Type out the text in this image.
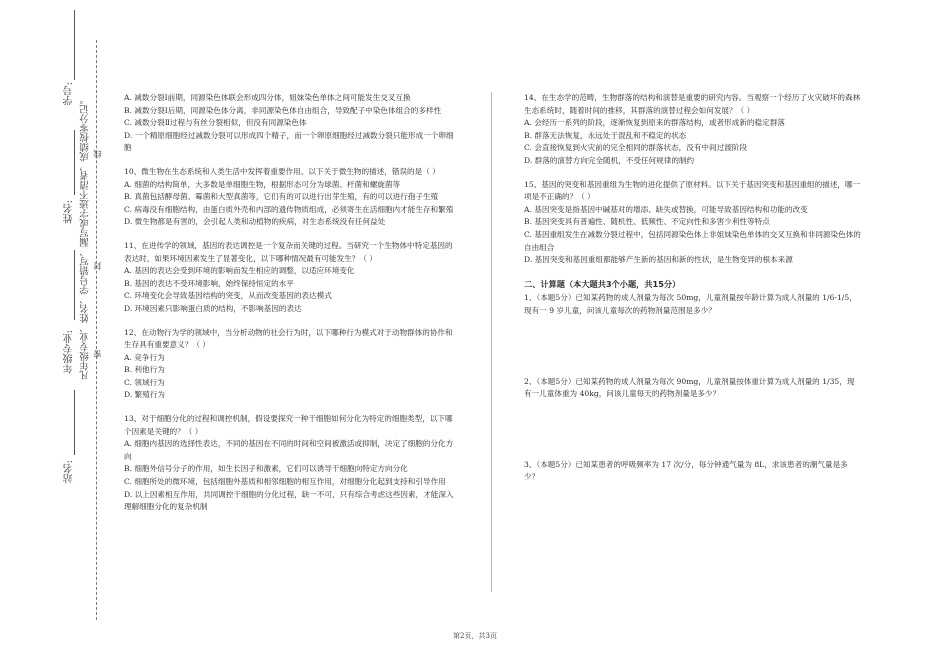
学号:
姓名:
年级专业:
站名:
凡年级专业、姓名、学号错写、漏写或字迹不清者，成绩按零分记。 线
封
密

A. 减数分裂Ⅰ前期，同源染色体联会形成四分体，姐妹染色单体之间可能发生交叉互换

B. 减数分裂Ⅰ后期，同源染色体分离，非同源染色体自由组合，导致配子中染色体组合的多样性

C. 减数分裂Ⅱ过程与有丝分裂相似，但没有同源染色体

D. 一个精原细胞经过减数分裂可以形成四个精子，而一个卵原细胞经过减数分裂只能形成一个卵细胞

10、微生物在生态系统和人类生活中发挥着重要作用。以下关于微生物的描述，错误的是（ ）

A. 细菌的结构简单，大多数是单细胞生物，根据形态可分为球菌、杆菌和螺旋菌等

B. 真菌包括酵母菌、霉菌和大型真菌等，它们有的可以进行出芽生殖，有的可以进行孢子生殖

C. 病毒没有细胞结构，由蛋白质外壳和内部的遗传物质组成，必须寄生在活细胞内才能生存和繁殖

D. 微生物都是有害的，会引起人类和动植物的疾病，对生态系统没有任何益处

11、在进传学的领域，基因的表达调控是一个复杂而关键的过程。当研究一个生物体中特定基因的表达时，如果环境因素发生了显著变化，以下哪种情况最有可能发生？（ ）

A. 基因的表达会受到环境的影响而发生相应的调整，以适应环境变化

B. 基因的表达不受环境影响，始终保持恒定的水平

C. 环境变化会导致基因结构的突变，从而改变基因的表达模式

D. 环境因素只影响蛋白质的结构，不影响基因的表达

12、在动物行为学的领域中，当分析动物的社会行为时，以下哪种行为模式对于动物群体的协作和生存具有重要意义？（ ）

A. 竞争行为

B. 利他行为

C. 领域行为

D. 繁殖行为

13、对于细胞分化的过程和调控机制，假设要探究一种干细胞如何分化为特定的细胞类型，以下哪个因素是关键的？（ ）

A. 细胞内基因的选择性表达，不同的基因在不同的时间和空间被激活或抑制，决定了细胞的分化方向

B. 细胞外信号分子的作用，如生长因子和激素，它们可以诱导干细胞向特定方向分化

C. 细胞所处的微环境，包括细胞外基质和相邻细胞的相互作用，对细胞分化起到支持和引导作用

D. 以上因素相互作用，共同调控干细胞的分化过程，缺一不可，只有综合考虑这些因素，才能深入理解细胞分化的复杂机制

14、在生态学的范畴，生物群落的结构和演替是重要的研究内容。当观察一个经历了火灾破坏的森林生态系统时，随着时间的推移，其群落的演替过程会如何发展？（ ）

A. 会经历一系列的阶段，逐渐恢复到原来的群落结构，或者形成新的稳定群落

B. 群落无法恢复，永远处于混乱和不稳定的状态

C. 会直接恢复到火灾前的完全相同的群落状态，没有中间过渡阶段

D. 群落的演替方向完全随机，不受任何规律的制约

15、基因的突变和基因重组为生物的进化提供了原材料。以下关于基因突变和基因重组的描述，哪一项是不正确的？（ ）

A. 基因突变是指基因中碱基对的增添、缺失或替换，可能导致基因结构和功能的改变

B. 基因突变具有普遍性、随机性、低频性、不定向性和多害少利性等特点

C. 基因重组发生在减数分裂过程中，包括同源染色体上非姐妹染色单体的交叉互换和非同源染色体的自由组合

D. 基因突变和基因重组都能够产生新的基因和新的性状，是生物变异的根本来源

二、计算题（本大题共3个小题，共15分）

1、（本题5分）已知某药物的成人剂量为每次 50mg，儿童剂量按年龄计算为成人剂量的 1/6-1/5，现有一 9 岁儿童，问该儿童每次的药物剂量范围是多少？

2、（本题5分）已知某药物的成人剂量为每次 90mg，儿童剂量按体重计算为成人剂量的 1/35，现有一儿童体重为 40kg，问该儿童每天的药物剂量是多少？

3、（本题5分）已知某患者的呼吸频率为 17 次/分，每分钟通气量为 8L，求该患者的潮气量是多少？

第2页，共3页
